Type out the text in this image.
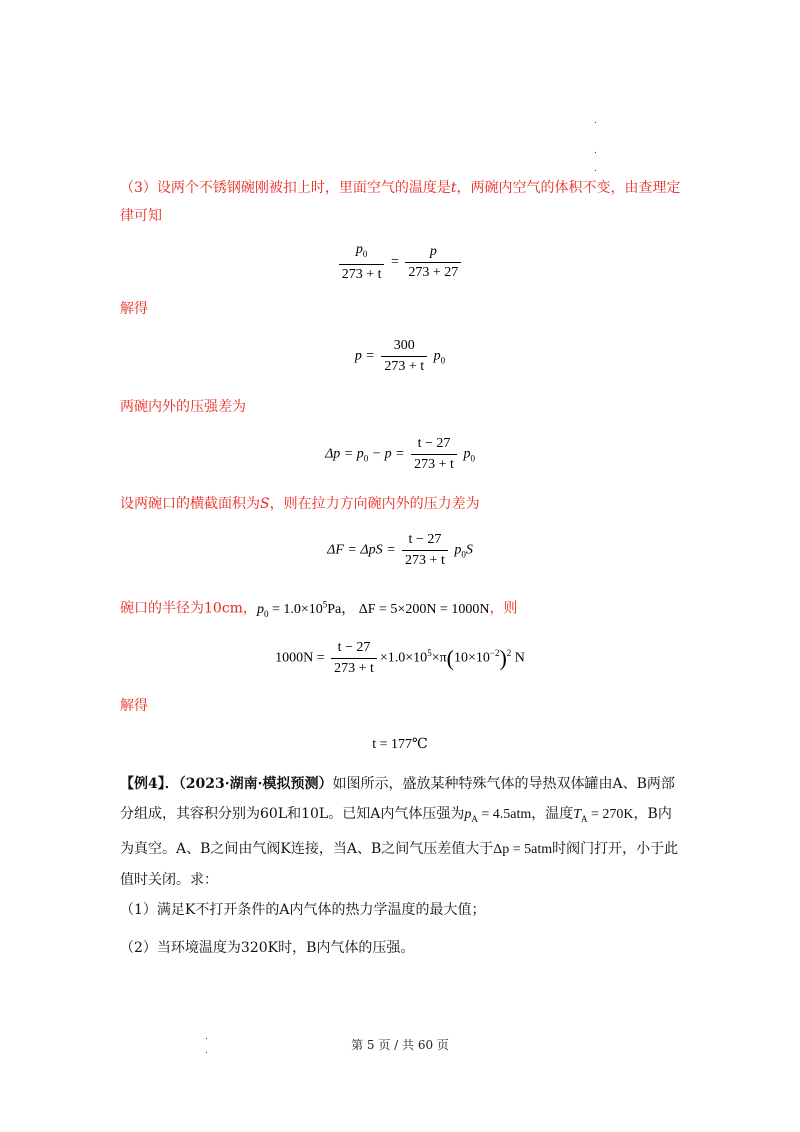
.
.
.
.
.
（3）设两个不锈钢碗刚被扣上时，里面空气的温度是t，两碗内空气的体积不变，由查理定律可知
$\frac{p_0}{273 + t} = \frac{p}{273 + 27}$
解得
$p = \frac{300}{273 + t} p_0$
两碗内外的压强差为
$\Delta p = p_0 - p = \frac{t - 27}{273 + t} p_0$
设两碗口的横截面积为S，则在拉力方向碗内外的压力差为
$\Delta F = \Delta pS = \frac{t - 27}{273 + t} p_0S$
碗口的半径为10cm，$p_0 = 1.0\times 10^5Pa$， ΔF = 5×200N = 1000N，则
$1000N = \frac{t - 27}{273 + t} \times 1.0\times 10^5\times\pi(10\times 10^{-2})^2$ N
解得
t = 177℃
【例4】．（2023·湖南·模拟预测）如图所示，盛放某种特殊气体的导热双体罐由A、B两部分组成，其容积分别为60L和10L。已知A内气体压强为$p_A = 4.5atm$，温度$T_A = 270K$，B内为真空。A、B之间由气阀K连接，当A、B之间气压差值大于Δp = 5atm时阀门打开，小于此值时关闭。求：
（1）满足K不打开条件的A内气体的热力学温度的最大值；
（2）当环境温度为320K时，B内气体的压强。
第 5 页 / 共 60 页
